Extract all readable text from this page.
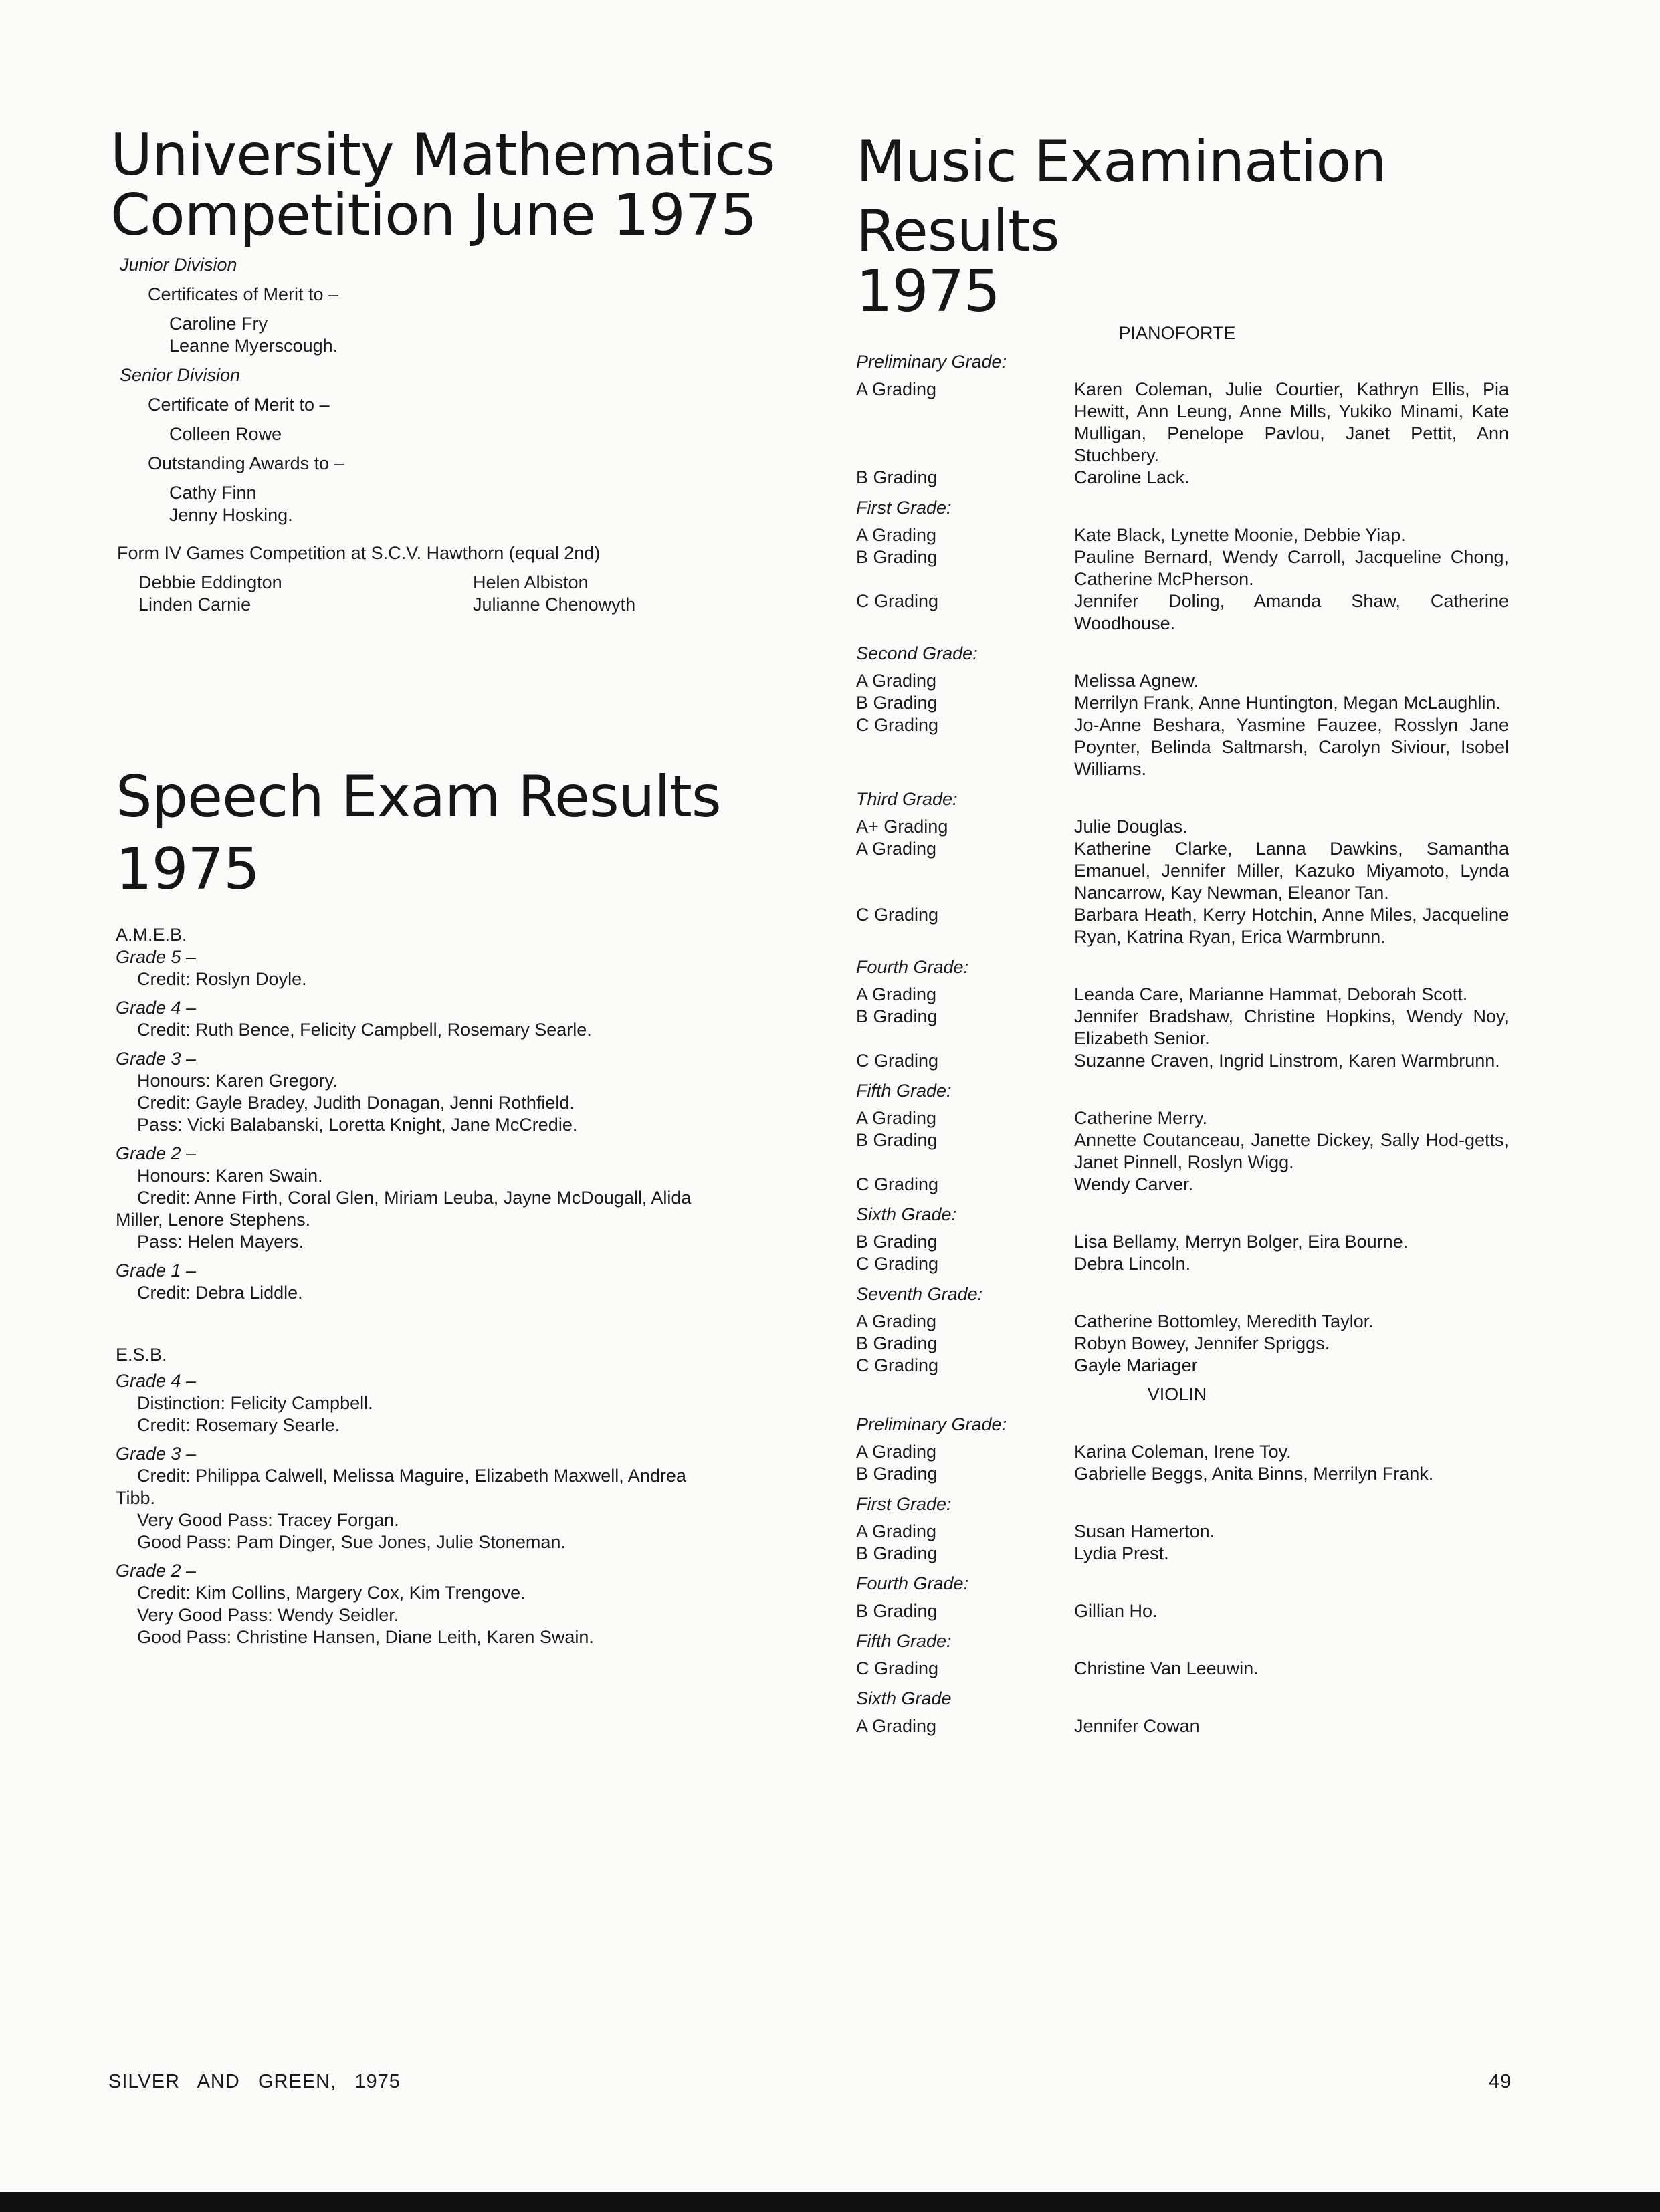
University Mathematics
Competition June 1975
Junior Division
Certificates of Merit to –
Caroline Fry
Leanne Myerscough.
Senior Division
Certificate of Merit to –
Colleen Rowe
Outstanding Awards to –
Cathy Finn
Jenny Hosking.
Form IV Games Competition at S.C.V. Hawthorn (equal 2nd)
Debbie Eddington	Helen Albiston
Linden Carnie	Julianne Chenowyth
Speech Exam Results
1975
A.M.E.B.
Grade 5 –
Credit: Roslyn Doyle.
Grade 4 –
Credit: Ruth Bence, Felicity Campbell, Rosemary Searle.
Grade 3 –
Honours: Karen Gregory.
Credit: Gayle Bradey, Judith Donagan, Jenni Rothfield.
Pass: Vicki Balabanski, Loretta Knight, Jane McCredie.
Grade 2 –
Honours: Karen Swain.
Credit: Anne Firth, Coral Glen, Miriam Leuba, Jayne McDougall, Alida
Miller, Lenore Stephens.
Pass: Helen Mayers.
Grade 1 –
Credit: Debra Liddle.
E.S.B.
Grade 4 –
Distinction: Felicity Campbell.
Credit: Rosemary Searle.
Grade 3 –
Credit: Philippa Calwell, Melissa Maguire, Elizabeth Maxwell, Andrea
Tibb.
Very Good Pass: Tracey Forgan.
Good Pass: Pam Dinger, Sue Jones, Julie Stoneman.
Grade 2 –
Credit: Kim Collins, Margery Cox, Kim Trengove.
Very Good Pass: Wendy Seidler.
Good Pass: Christine Hansen, Diane Leith, Karen Swain.
Music Examination Results
1975
PIANOFORTE
Preliminary Grade:
A Grading	Karen Coleman, Julie Courtier, Kathryn Ellis, Pia Hewitt, Ann Leung, Anne Mills, Yukiko Minami, Kate Mulligan, Penelope Pavlou, Janet Pettit, Ann Stuchbery.
B Grading	Caroline Lack.
First Grade:
A Grading	Kate Black, Lynette Moonie, Debbie Yiap.
B Grading	Pauline Bernard, Wendy Carroll, Jacqueline Chong, Catherine McPherson.
C Grading	Jennifer Doling, Amanda Shaw, Catherine Woodhouse.
Second Grade:
A Grading	Melissa Agnew.
B Grading	Merrilyn Frank, Anne Huntington, Megan McLaughlin.
C Grading	Jo-Anne Beshara, Yasmine Fauzee, Rosslyn Jane Poynter, Belinda Saltmarsh, Carolyn Siviour, Isobel Williams.
Third Grade:
A+ Grading	Julie Douglas.
A Grading	Katherine Clarke, Lanna Dawkins, Samantha Emanuel, Jennifer Miller, Kazuko Miyamoto, Lynda Nancarrow, Kay Newman, Eleanor Tan.
C Grading	Barbara Heath, Kerry Hotchin, Anne Miles, Jacqueline Ryan, Katrina Ryan, Erica Warmbrunn.
Fourth Grade:
A Grading	Leanda Care, Marianne Hammat, Deborah Scott.
B Grading	Jennifer Bradshaw, Christine Hopkins, Wendy Noy, Elizabeth Senior.
C Grading	Suzanne Craven, Ingrid Linstrom, Karen Warmbrunn.
Fifth Grade:
A Grading	Catherine Merry.
B Grading	Annette Coutanceau, Janette Dickey, Sally Hod-getts, Janet Pinnell, Roslyn Wigg.
C Grading	Wendy Carver.
Sixth Grade:
B Grading	Lisa Bellamy, Merryn Bolger, Eira Bourne.
C Grading	Debra Lincoln.
Seventh Grade:
A Grading	Catherine Bottomley, Meredith Taylor.
B Grading	Robyn Bowey, Jennifer Spriggs.
C Grading	Gayle Mariager
VIOLIN
Preliminary Grade:
A Grading	Karina Coleman, Irene Toy.
B Grading	Gabrielle Beggs, Anita Binns, Merrilyn Frank.
First Grade:
A Grading	Susan Hamerton.
B Grading	Lydia Prest.
Fourth Grade:
B Grading	Gillian Ho.
Fifth Grade:
C Grading	Christine Van Leeuwin.
Sixth Grade
A Grading	Jennifer Cowan
SILVER   AND   GREEN,   1975	49
